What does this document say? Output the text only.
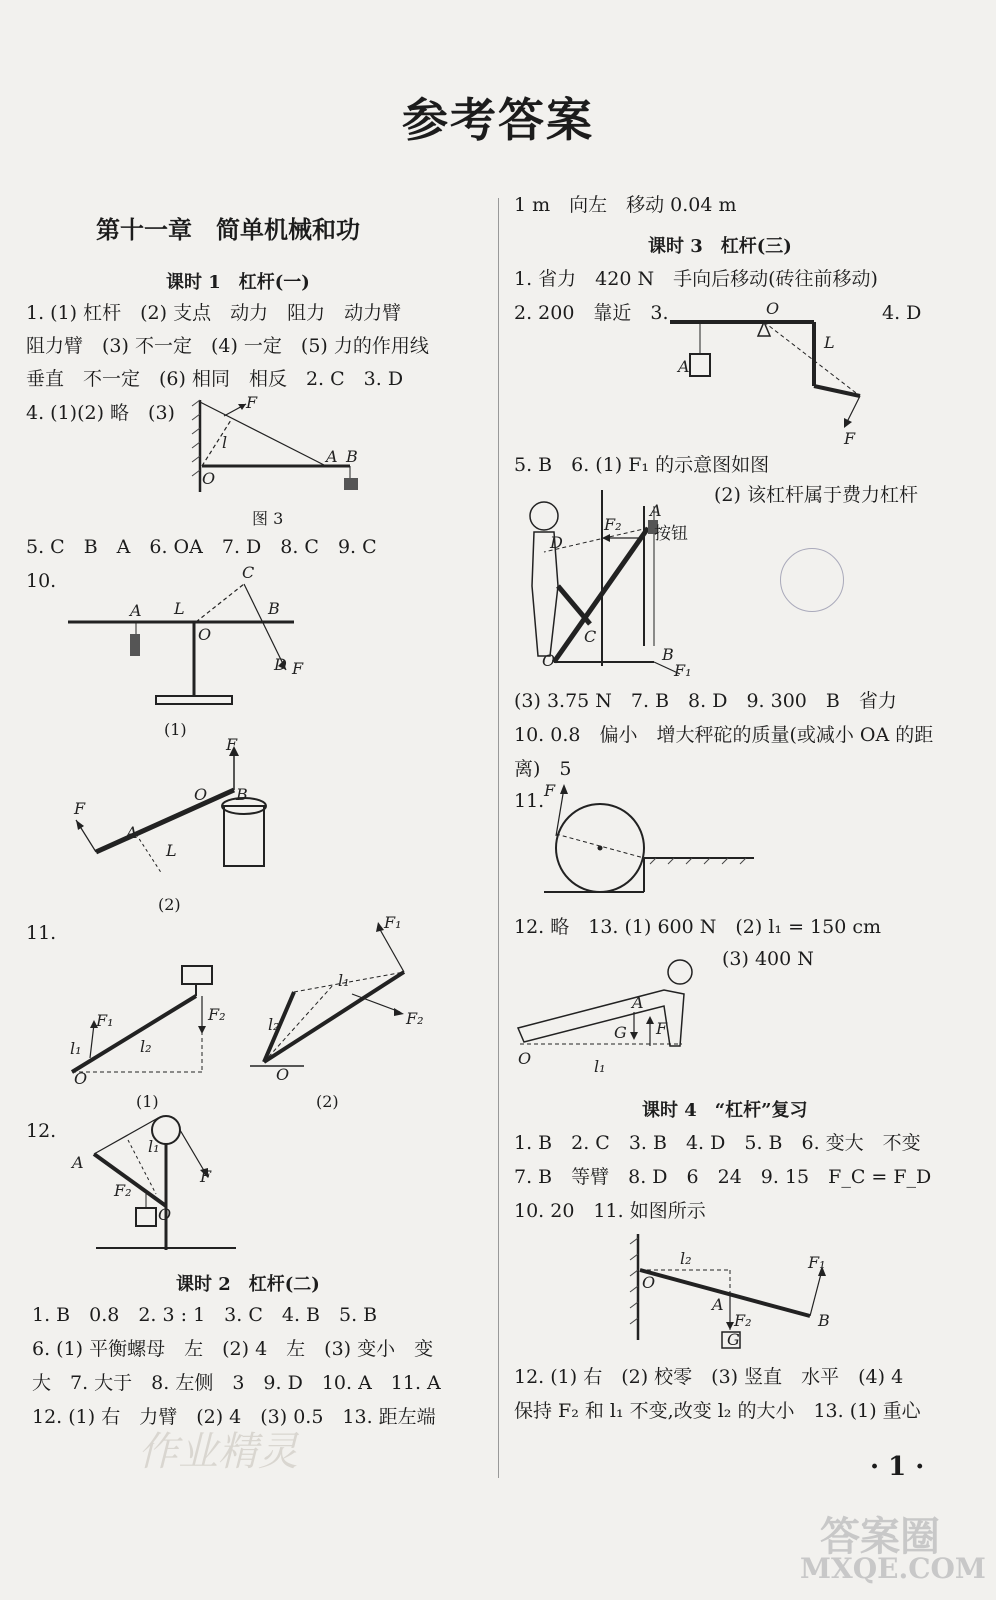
参考答案
第十一章　简单机械和功
课时 1　杠杆(一)
1. (1) 杠杆　(2) 支点　动力　阻力　动力臂
阻力臂　(3) 不一定　(4) 一定　(5) 力的作用线
垂直　不一定　(6) 相同　相反　2. C　3. D
4. (1)(2) 略　(3)	F
l
O
A B
图 3
5. C　B　A　6. OA　7. D　8. C　9. C
10.
A L
O
B
C
D F
(1)
F
B
O
F
A
L
(2)
11.
F₁	F₂
l₁	l₂
O
(1)
F₁
F₂
l₁
l₂
O
(2)
12.
A
F
F₂
l₁
O
课时 2　杠杆(二)
1. B　0.8　2. 3 : 1　3. C　4. B　5. B
6. (1) 平衡螺母　左　(2) 4　左　(3) 变小　变
大　7. 大于　8. 左侧　3　9. D　10. A　11. A
12. (1) 右　力臂　(2) 4　(3) 0.5　13. 距左端
1 m　向左　移动 0.04 m
课时 3　杠杆(三)
1. 省力　420 N　手向后移动(砖往前移动)
2. 200　靠近　3.	4. D
O
A
L
F
5. B　6. (1) F₁ 的示意图如图
(2) 该杠杆属于费力杠杆
A
F₂
D
C
O	B
F₁
按钮
(3) 3.75 N　7. B　8. D　9. 300　B　省力
10. 0.8　偏小　增大秤砣的质量(或减小 OA 的距
离)　5
11. F
12. 略　13. (1) 600 N　(2) l₁ = 150 cm
(3) 400 N
A
G F
O	l₁
课时 4　“杠杆”复习
1. B　2. C　3. B　4. D　5. B　6. 变大　不变
7. B　等臂　8. D　6　24　9. 15　F_C = F_D
10. 20　11. 如图所示
l₂
O
A
F₂
G
B
F₁
12. (1) 右　(2) 校零　(3) 竖直　水平　(4) 4
保持 F₂ 和 l₁ 不变,改变 l₂ 的大小　13. (1) 重心
· 1 ·
作业精灵
答案圈
MXQE.COM
